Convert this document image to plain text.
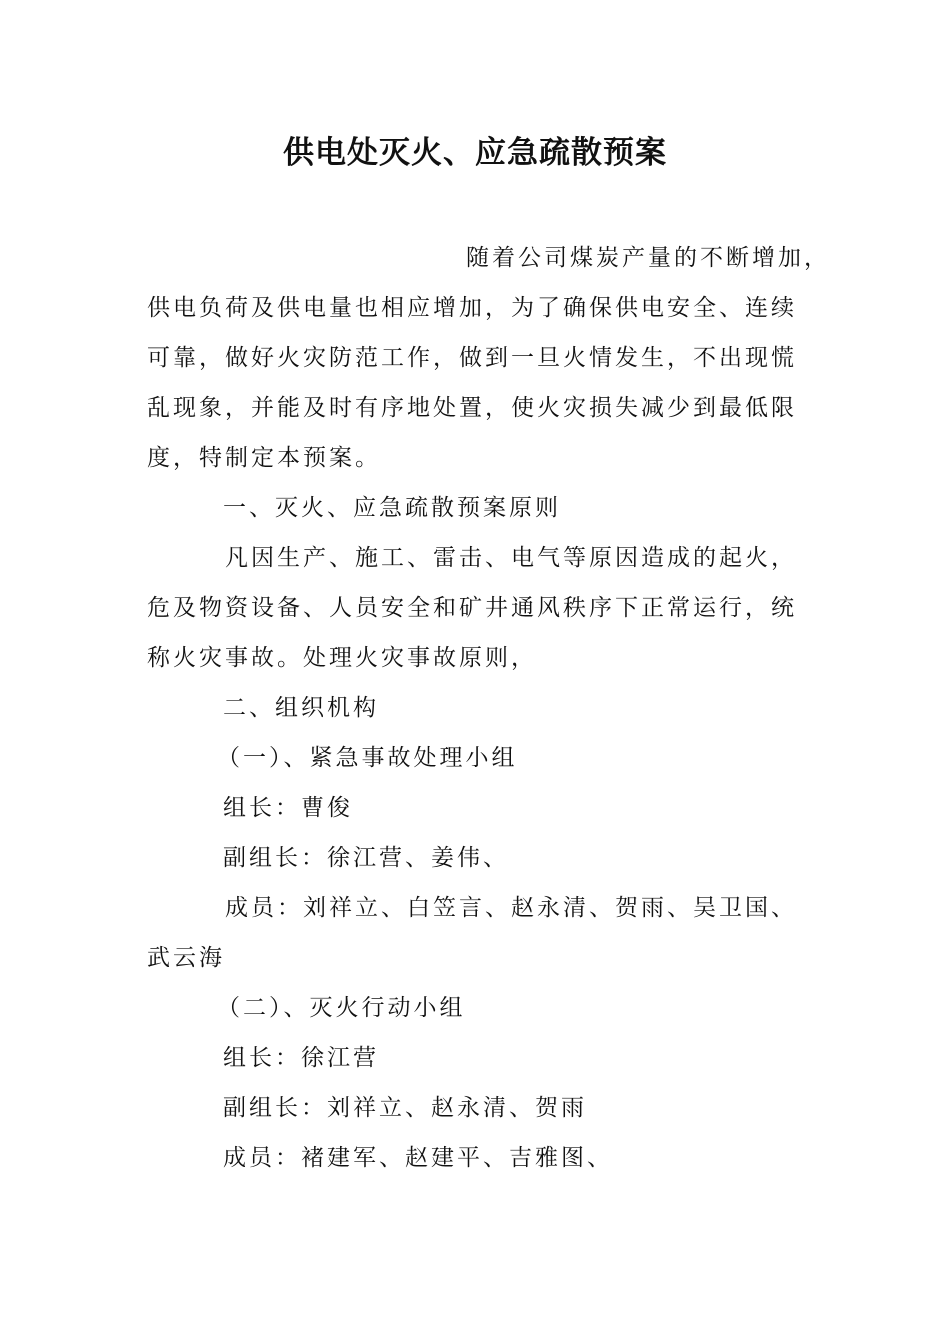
供电处灭火、应急疏散预案

随着公司煤炭产量的不断增加，

供电负荷及供电量也相应增加，为了确保供电安全、连续

可靠，做好火灾防范工作，做到一旦火情发生，不出现慌

乱现象，并能及时有序地处置，使火灾损失减少到最低限

度，特制定本预案。

一、灭火、应急疏散预案原则

凡因生产、施工、雷击、电气等原因造成的起火，

危及物资设备、人员安全和矿井通风秩序下正常运行，统

称火灾事故。处理火灾事故原则，

二、组织机构

（一）、紧急事故处理小组

组长：曹俊

副组长：徐江营、姜伟、

成员：刘祥立、白笠言、赵永清、贺雨、吴卫国、

武云海

（二）、灭火行动小组

组长：徐江营

副组长：刘祥立、赵永清、贺雨

成员：褚建军、赵建平、吉雅图、
